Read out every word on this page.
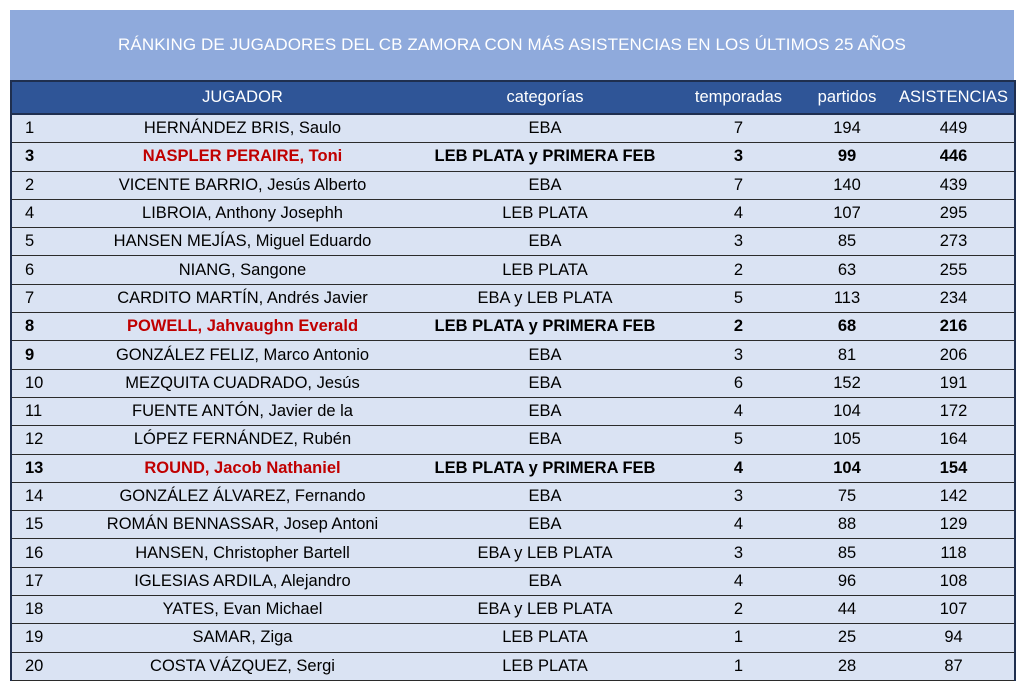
RÁNKING DE JUGADORES DEL CB ZAMORA CON MÁS ASISTENCIAS EN LOS ÚLTIMOS 25 AÑOS
	JUGADOR	categorías	temporadas	partidos	ASISTENCIAS
1	HERNÁNDEZ BRIS, Saulo	EBA	7	194	449
3	NASPLER PERAIRE, Toni	LEB PLATA y PRIMERA FEB	3	99	446
2	VICENTE BARRIO, Jesús Alberto	EBA	7	140	439
4	LIBROIA, Anthony Josephh	LEB PLATA	4	107	295
5	HANSEN MEJÍAS, Miguel Eduardo	EBA	3	85	273
6	NIANG, Sangone	LEB PLATA	2	63	255
7	CARDITO MARTÍN, Andrés Javier	EBA y LEB PLATA	5	113	234
8	POWELL, Jahvaughn Everald	LEB PLATA y PRIMERA FEB	2	68	216
9	GONZÁLEZ FELIZ, Marco Antonio	EBA	3	81	206
10	MEZQUITA CUADRADO, Jesús	EBA	6	152	191
11	FUENTE ANTÓN, Javier de la	EBA	4	104	172
12	LÓPEZ FERNÁNDEZ, Rubén	EBA	5	105	164
13	ROUND, Jacob Nathaniel	LEB PLATA y PRIMERA FEB	4	104	154
14	GONZÁLEZ ÁLVAREZ, Fernando	EBA	3	75	142
15	ROMÁN BENNASSAR, Josep Antoni	EBA	4	88	129
16	HANSEN, Christopher Bartell	EBA y LEB PLATA	3	85	118
17	IGLESIAS ARDILA, Alejandro	EBA	4	96	108
18	YATES, Evan Michael	EBA y LEB PLATA	2	44	107
19	SAMAR, Ziga	LEB PLATA	1	25	94
20	COSTA VÁZQUEZ, Sergi	LEB PLATA	1	28	87
